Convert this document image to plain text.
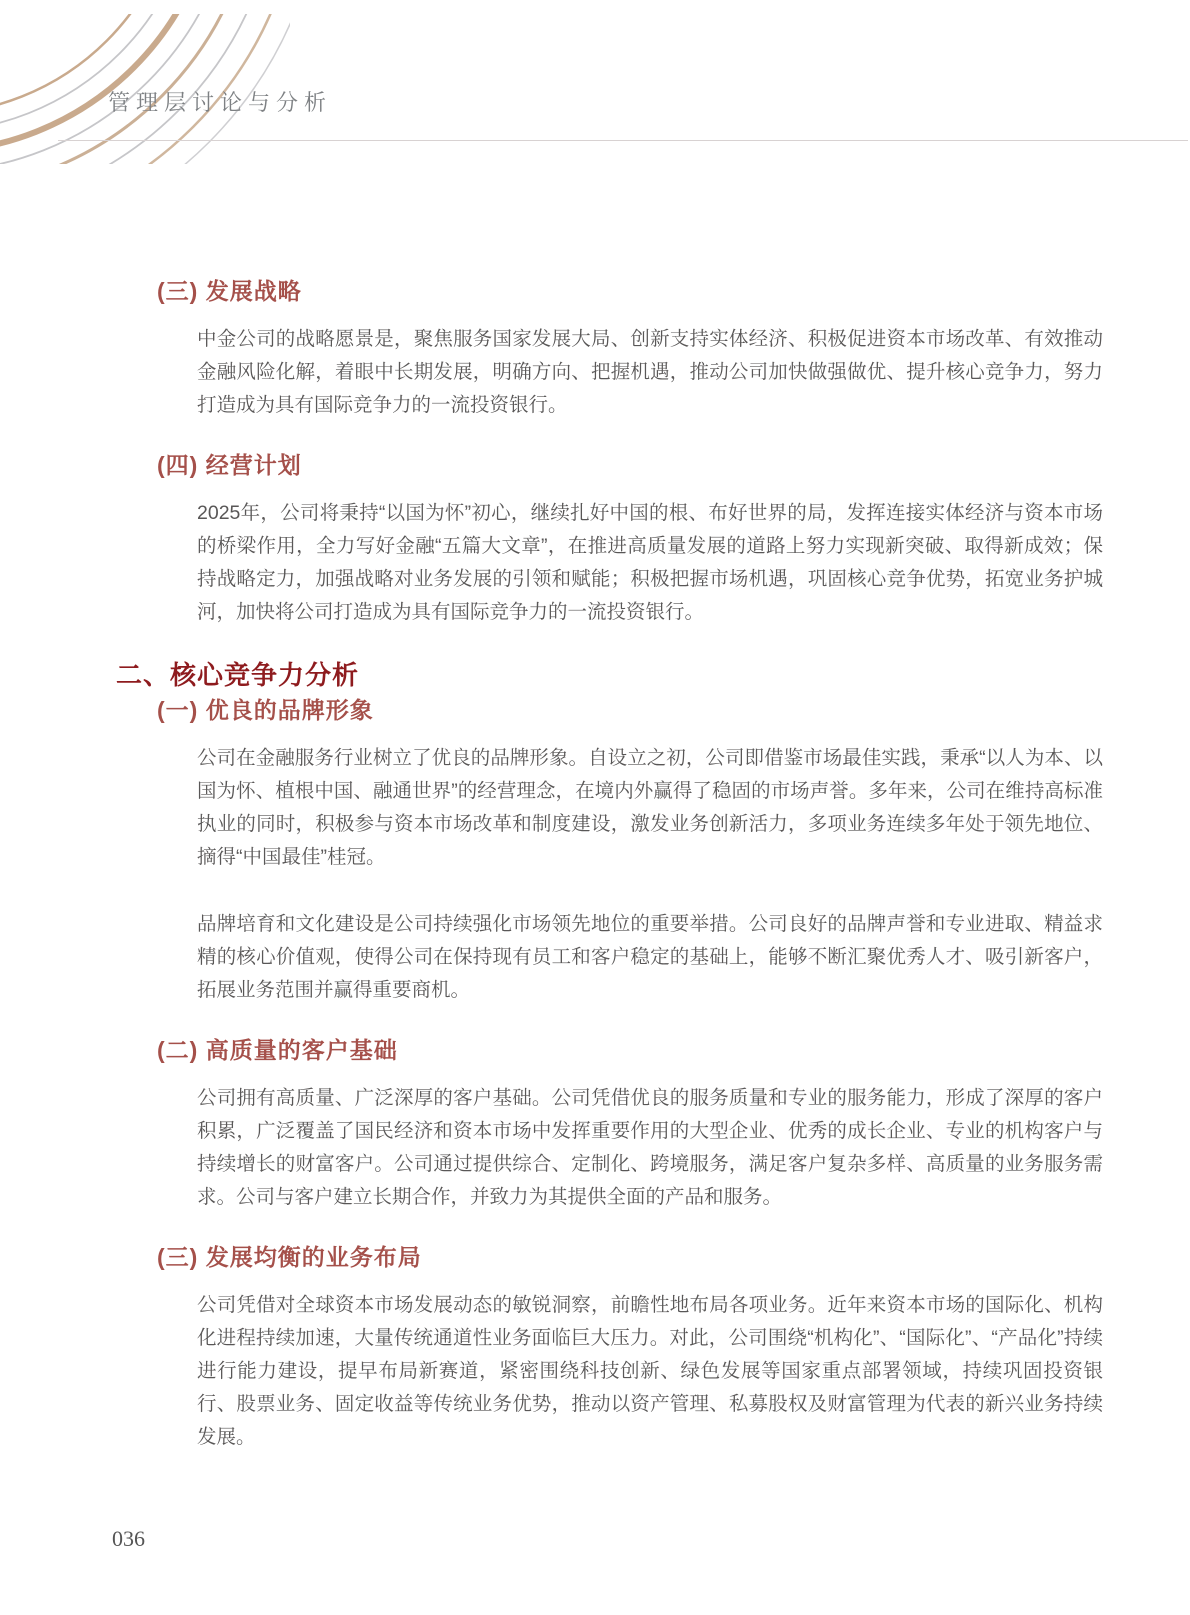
管理层讨论与分析
(三) 发展战略

中金公司的战略愿景是，聚焦服务国家发展大局、创新支持实体经济、积极促进资本市场改革、有效推动金融风险化解，着眼中长期发展，明确方向、把握机遇，推动公司加快做强做优、提升核心竞争力，努力打造成为具有国际竞争力的一流投资银行。

(四) 经营计划

2025年，公司将秉持“以国为怀”初心，继续扎好中国的根、布好世界的局，发挥连接实体经济与资本市场的桥梁作用，全力写好金融“五篇大文章”，在推进高质量发展的道路上努力实现新突破、取得新成效；保持战略定力，加强战略对业务发展的引领和赋能；积极把握市场机遇，巩固核心竞争优势，拓宽业务护城河，加快将公司打造成为具有国际竞争力的一流投资银行。

二、核心竞争力分析
(一) 优良的品牌形象

公司在金融服务行业树立了优良的品牌形象。自设立之初，公司即借鉴市场最佳实践，秉承“以人为本、以国为怀、植根中国、融通世界”的经营理念，在境内外赢得了稳固的市场声誉。多年来，公司在维持高标准执业的同时，积极参与资本市场改革和制度建设，激发业务创新活力，多项业务连续多年处于领先地位、摘得“中国最佳”桂冠。

品牌培育和文化建设是公司持续强化市场领先地位的重要举措。公司良好的品牌声誉和专业进取、精益求精的核心价值观，使得公司在保持现有员工和客户稳定的基础上，能够不断汇聚优秀人才、吸引新客户，拓展业务范围并赢得重要商机。

(二) 高质量的客户基础

公司拥有高质量、广泛深厚的客户基础。公司凭借优良的服务质量和专业的服务能力，形成了深厚的客户积累，广泛覆盖了国民经济和资本市场中发挥重要作用的大型企业、优秀的成长企业、专业的机构客户与持续增长的财富客户。公司通过提供综合、定制化、跨境服务，满足客户复杂多样、高质量的业务服务需求。公司与客户建立长期合作，并致力为其提供全面的产品和服务。

(三) 发展均衡的业务布局

公司凭借对全球资本市场发展动态的敏锐洞察，前瞻性地布局各项业务。近年来资本市场的国际化、机构化进程持续加速，大量传统通道性业务面临巨大压力。对此，公司围绕“机构化”、“国际化”、“产品化”持续进行能力建设，提早布局新赛道，紧密围绕科技创新、绿色发展等国家重点部署领域，持续巩固投资银行、股票业务、固定收益等传统业务优势，推动以资产管理、私募股权及财富管理为代表的新兴业务持续发展。

036
